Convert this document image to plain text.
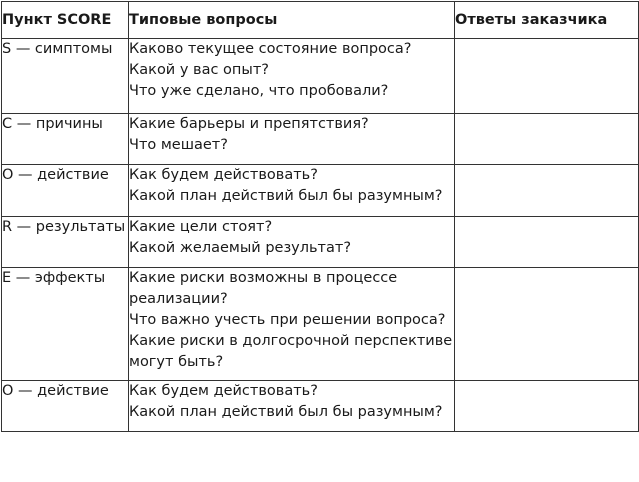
Пункт SCORE	Типовые вопросы	Ответы заказчика
S — симптомы	Каково текущее состояние вопроса?
Какой у вас опыт?
Что уже сделано, что пробовали?	

C — причины	Какие барьеры и препятствия?
Что мешает?	

O — действие	Как будем действовать?
Какой план действий был бы разумным?	

R — результаты	Какие цели стоят?
Какой желаемый результат?	

E — эффекты	Какие риски возможны в процессе реализации?
Что важно учесть при решении вопроса?
Какие риски в долгосрочной перспективе могут быть?	

O — действие	Как будем действовать?
Какой план действий был бы разумным?	
